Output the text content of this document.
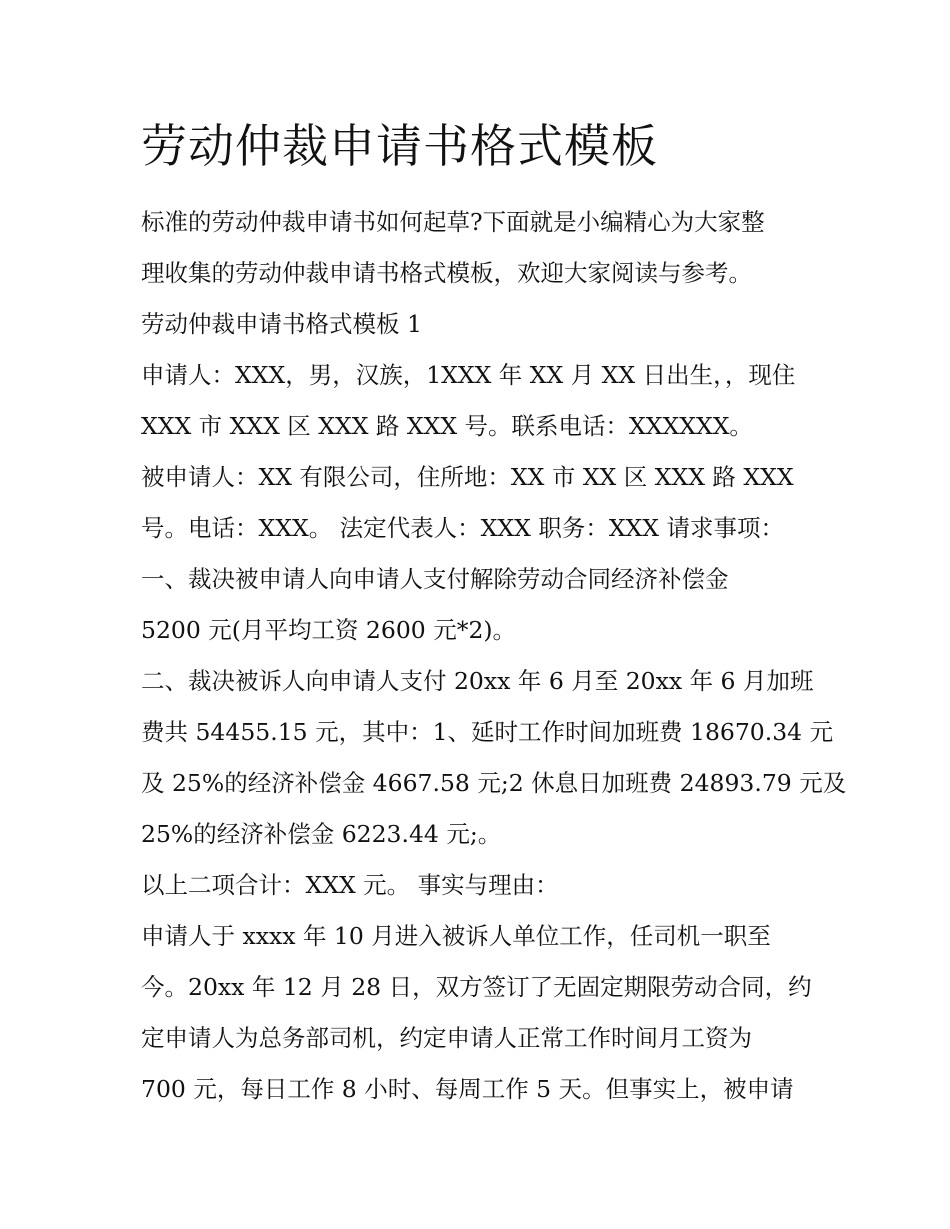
劳动仲裁申请书格式模板

标准的劳动仲裁申请书如何起草?下面就是小编精心为大家整

理收集的劳动仲裁申请书格式模板，欢迎大家阅读与参考。

劳动仲裁申请书格式模板 1

申请人：XXX，男，汉族，1XXX 年 XX 月 XX 日出生，，现住

XXX 市 XXX 区 XXX 路 XXX 号。联系电话：XXXXXX。

被申请人：XX 有限公司，住所地：XX 市 XX 区 XXX 路 XXX

号。电话：XXX。 法定代表人：XXX 职务：XXX 请求事项：

一、裁决被申请人向申请人支付解除劳动合同经济补偿金

5200 元(月平均工资 2600 元*2)。

二、裁决被诉人向申请人支付 20xx 年 6 月至 20xx 年 6 月加班

费共 54455.15 元，其中：1、延时工作时间加班费 18670.34 元

及 25%的经济补偿金 4667.58 元;2 休息日加班费 24893.79 元及

25%的经济补偿金 6223.44 元;。

以上二项合计：XXX 元。 事实与理由：

申请人于 xxxx 年 10 月进入被诉人单位工作，任司机一职至

今。20xx 年 12 月 28 日，双方签订了无固定期限劳动合同，约

定申请人为总务部司机，约定申请人正常工作时间月工资为

700 元，每日工作 8 小时、每周工作 5 天。但事实上，被申请
